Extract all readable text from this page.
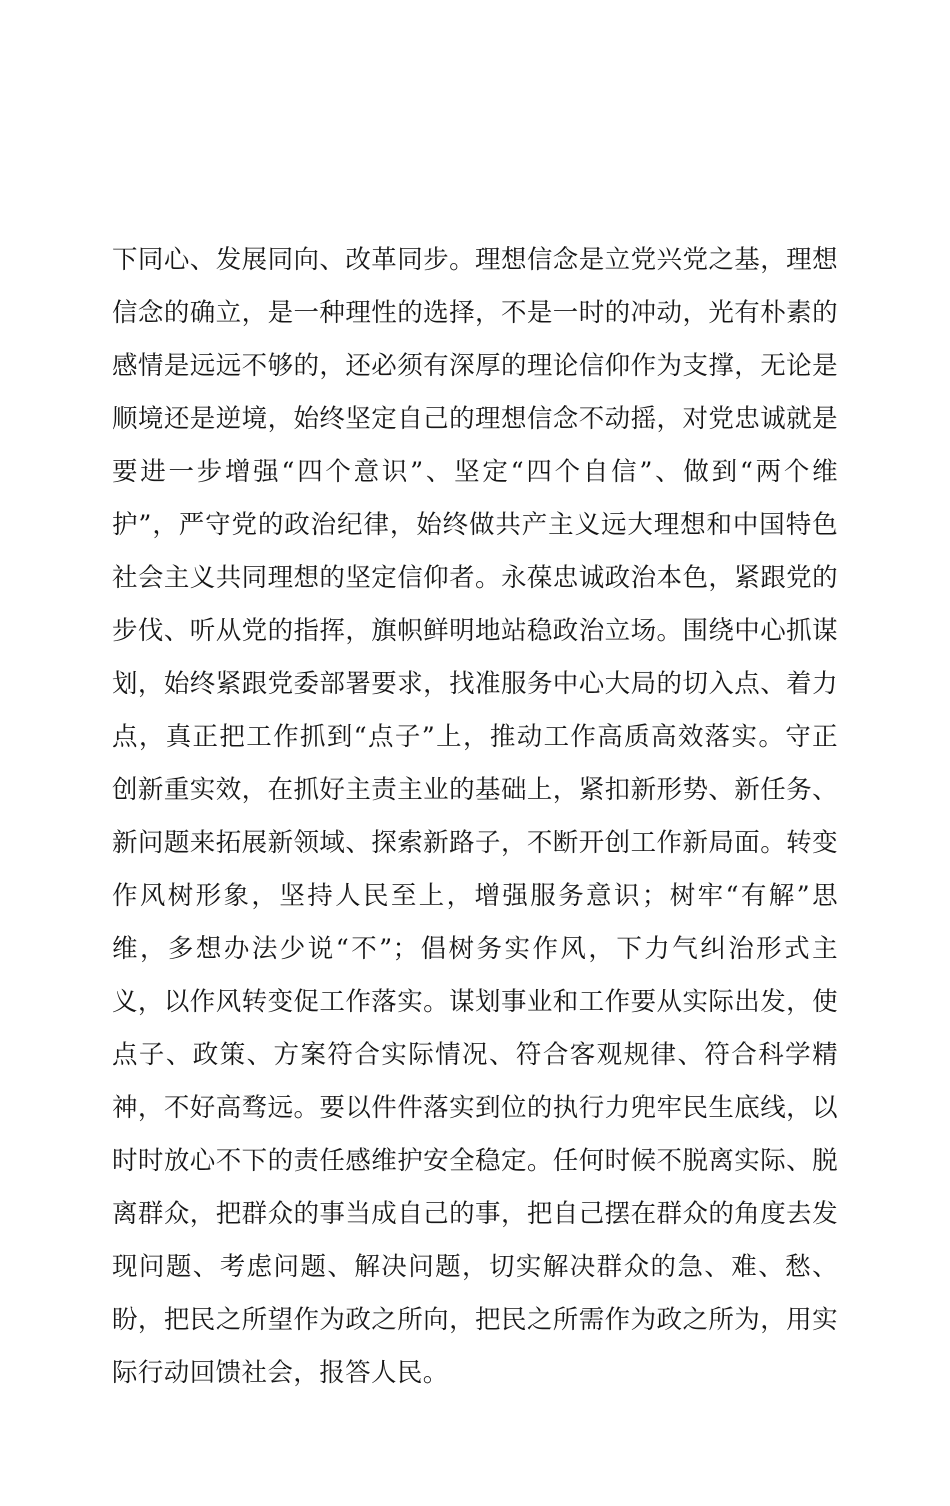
下同心、发展同向、改革同步。理想信念是立党兴党之基，理想信念的确立，是一种理性的选择，不是一时的冲动，光有朴素的感情是远远不够的，还必须有深厚的理论信仰作为支撑，无论是顺境还是逆境，始终坚定自己的理想信念不动摇，对党忠诚就是要进一步增强“四个意识”、坚定“四个自信”、做到“两个维护”，严守党的政治纪律，始终做共产主义远大理想和中国特色社会主义共同理想的坚定信仰者。永葆忠诚政治本色，紧跟党的步伐、听从党的指挥，旗帜鲜明地站稳政治立场。围绕中心抓谋划，始终紧跟党委部署要求，找准服务中心大局的切入点、着力点，真正把工作抓到“点子”上，推动工作高质高效落实。守正创新重实效，在抓好主责主业的基础上，紧扣新形势、新任务、新问题来拓展新领域、探索新路子，不断开创工作新局面。转变作风树形象，坚持人民至上，增强服务意识；树牢“有解”思维，多想办法少说“不”；倡树务实作风，下力气纠治形式主义，以作风转变促工作落实。谋划事业和工作要从实际出发，使点子、政策、方案符合实际情况、符合客观规律、符合科学精神，不好高骛远。要以件件落实到位的执行力兜牢民生底线，以时时放心不下的责任感维护安全稳定。任何时候不脱离实际、脱离群众，把群众的事当成自己的事，把自己摆在群众的角度去发现问题、考虑问题、解决问题，切实解决群众的急、难、愁、盼，把民之所望作为政之所向，把民之所需作为政之所为，用实际行动回馈社会，报答人民。
